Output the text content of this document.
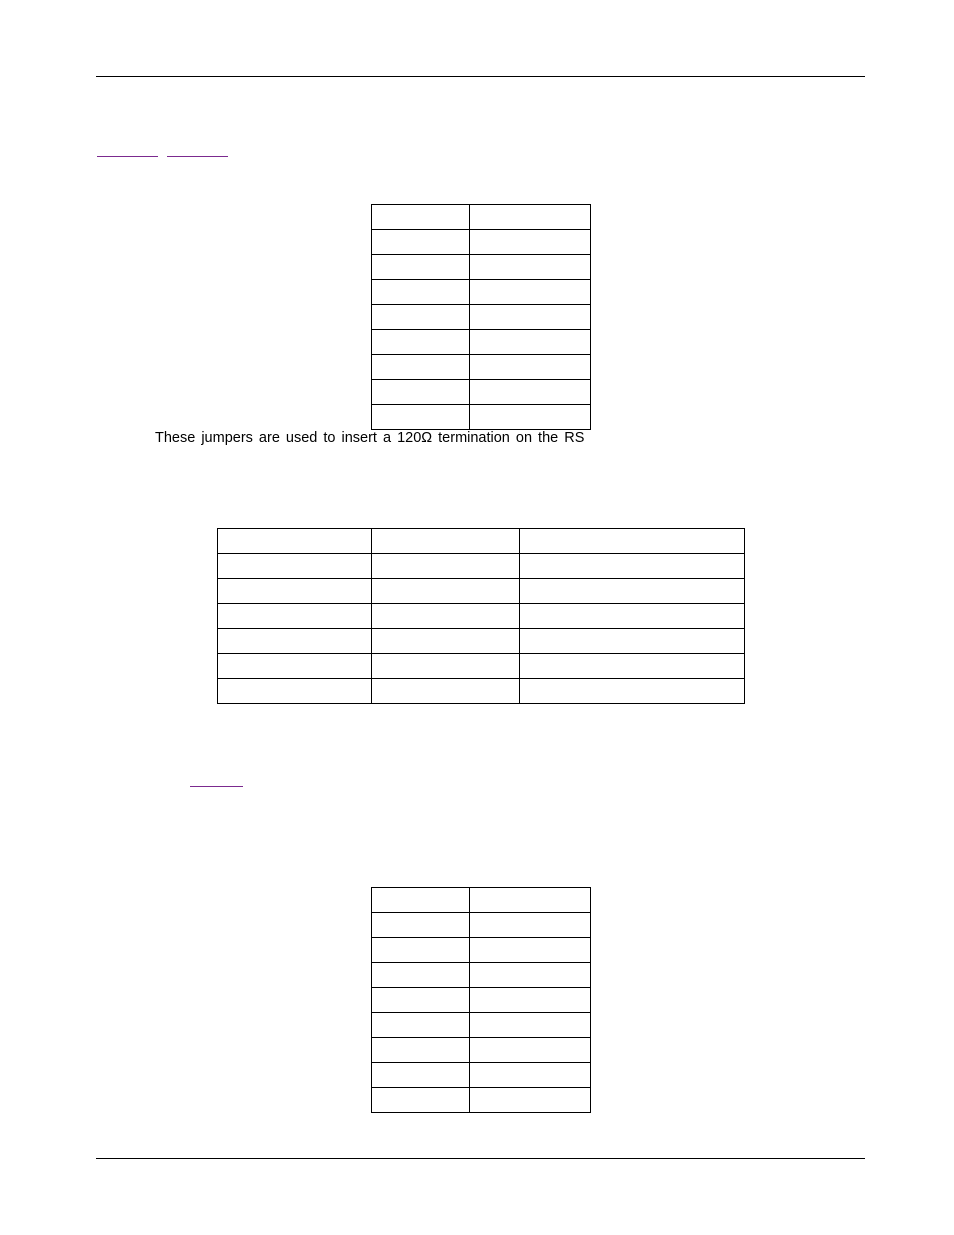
These jumpers are used to insert a 120Ω termination on the RS
